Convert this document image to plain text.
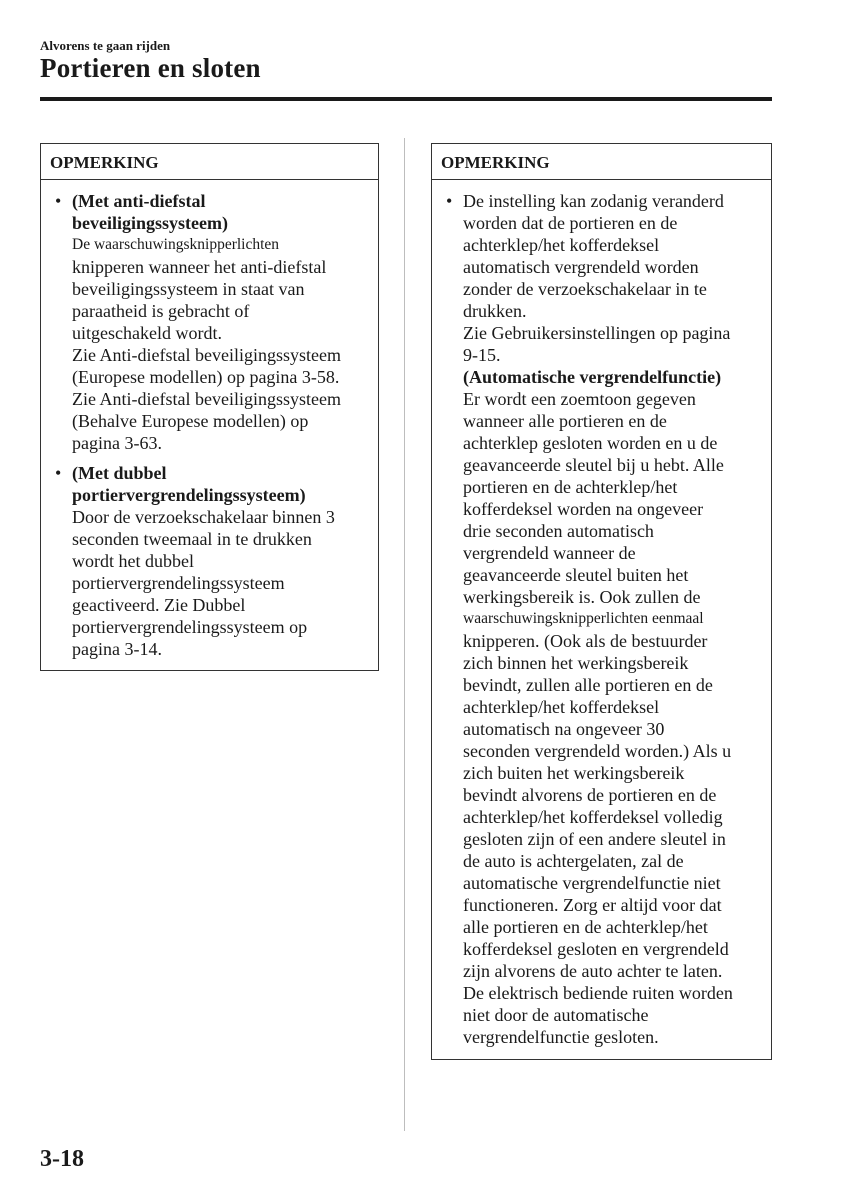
Alvorens te gaan rijden
Portieren en sloten
OPMERKING
• (Met anti-diefstal
beveiligingssysteem)
De waarschuwingsknipperlichten
knipperen wanneer het anti-diefstal
beveiligingssysteem in staat van
paraatheid is gebracht of
uitgeschakeld wordt.
Zie Anti-diefstal beveiligingssysteem
(Europese modellen) op pagina 3-58.
Zie Anti-diefstal beveiligingssysteem
(Behalve Europese modellen) op
pagina 3-63.
• (Met dubbel
portiervergrendelingssysteem)
Door de verzoekschakelaar binnen 3
seconden tweemaal in te drukken
wordt het dubbel
portiervergrendelingssysteem
geactiveerd. Zie Dubbel
portiervergrendelingssysteem op
pagina 3-14.
OPMERKING
• De instelling kan zodanig veranderd
worden dat de portieren en de
achterklep/het kofferdeksel
automatisch vergrendeld worden
zonder de verzoekschakelaar in te
drukken.
Zie Gebruikersinstellingen op pagina
9-15.
(Automatische vergrendelfunctie)
Er wordt een zoemtoon gegeven
wanneer alle portieren en de
achterklep gesloten worden en u de
geavanceerde sleutel bij u hebt. Alle
portieren en de achterklep/het
kofferdeksel worden na ongeveer
drie seconden automatisch
vergrendeld wanneer de
geavanceerde sleutel buiten het
werkingsbereik is. Ook zullen de
waarschuwingsknipperlichten eenmaal
knipperen. (Ook als de bestuurder
zich binnen het werkingsbereik
bevindt, zullen alle portieren en de
achterklep/het kofferdeksel
automatisch na ongeveer 30
seconden vergrendeld worden.) Als u
zich buiten het werkingsbereik
bevindt alvorens de portieren en de
achterklep/het kofferdeksel volledig
gesloten zijn of een andere sleutel in
de auto is achtergelaten, zal de
automatische vergrendelfunctie niet
functioneren. Zorg er altijd voor dat
alle portieren en de achterklep/het
kofferdeksel gesloten en vergrendeld
zijn alvorens de auto achter te laten.
De elektrisch bediende ruiten worden
niet door de automatische
vergrendelfunctie gesloten.
3-18
